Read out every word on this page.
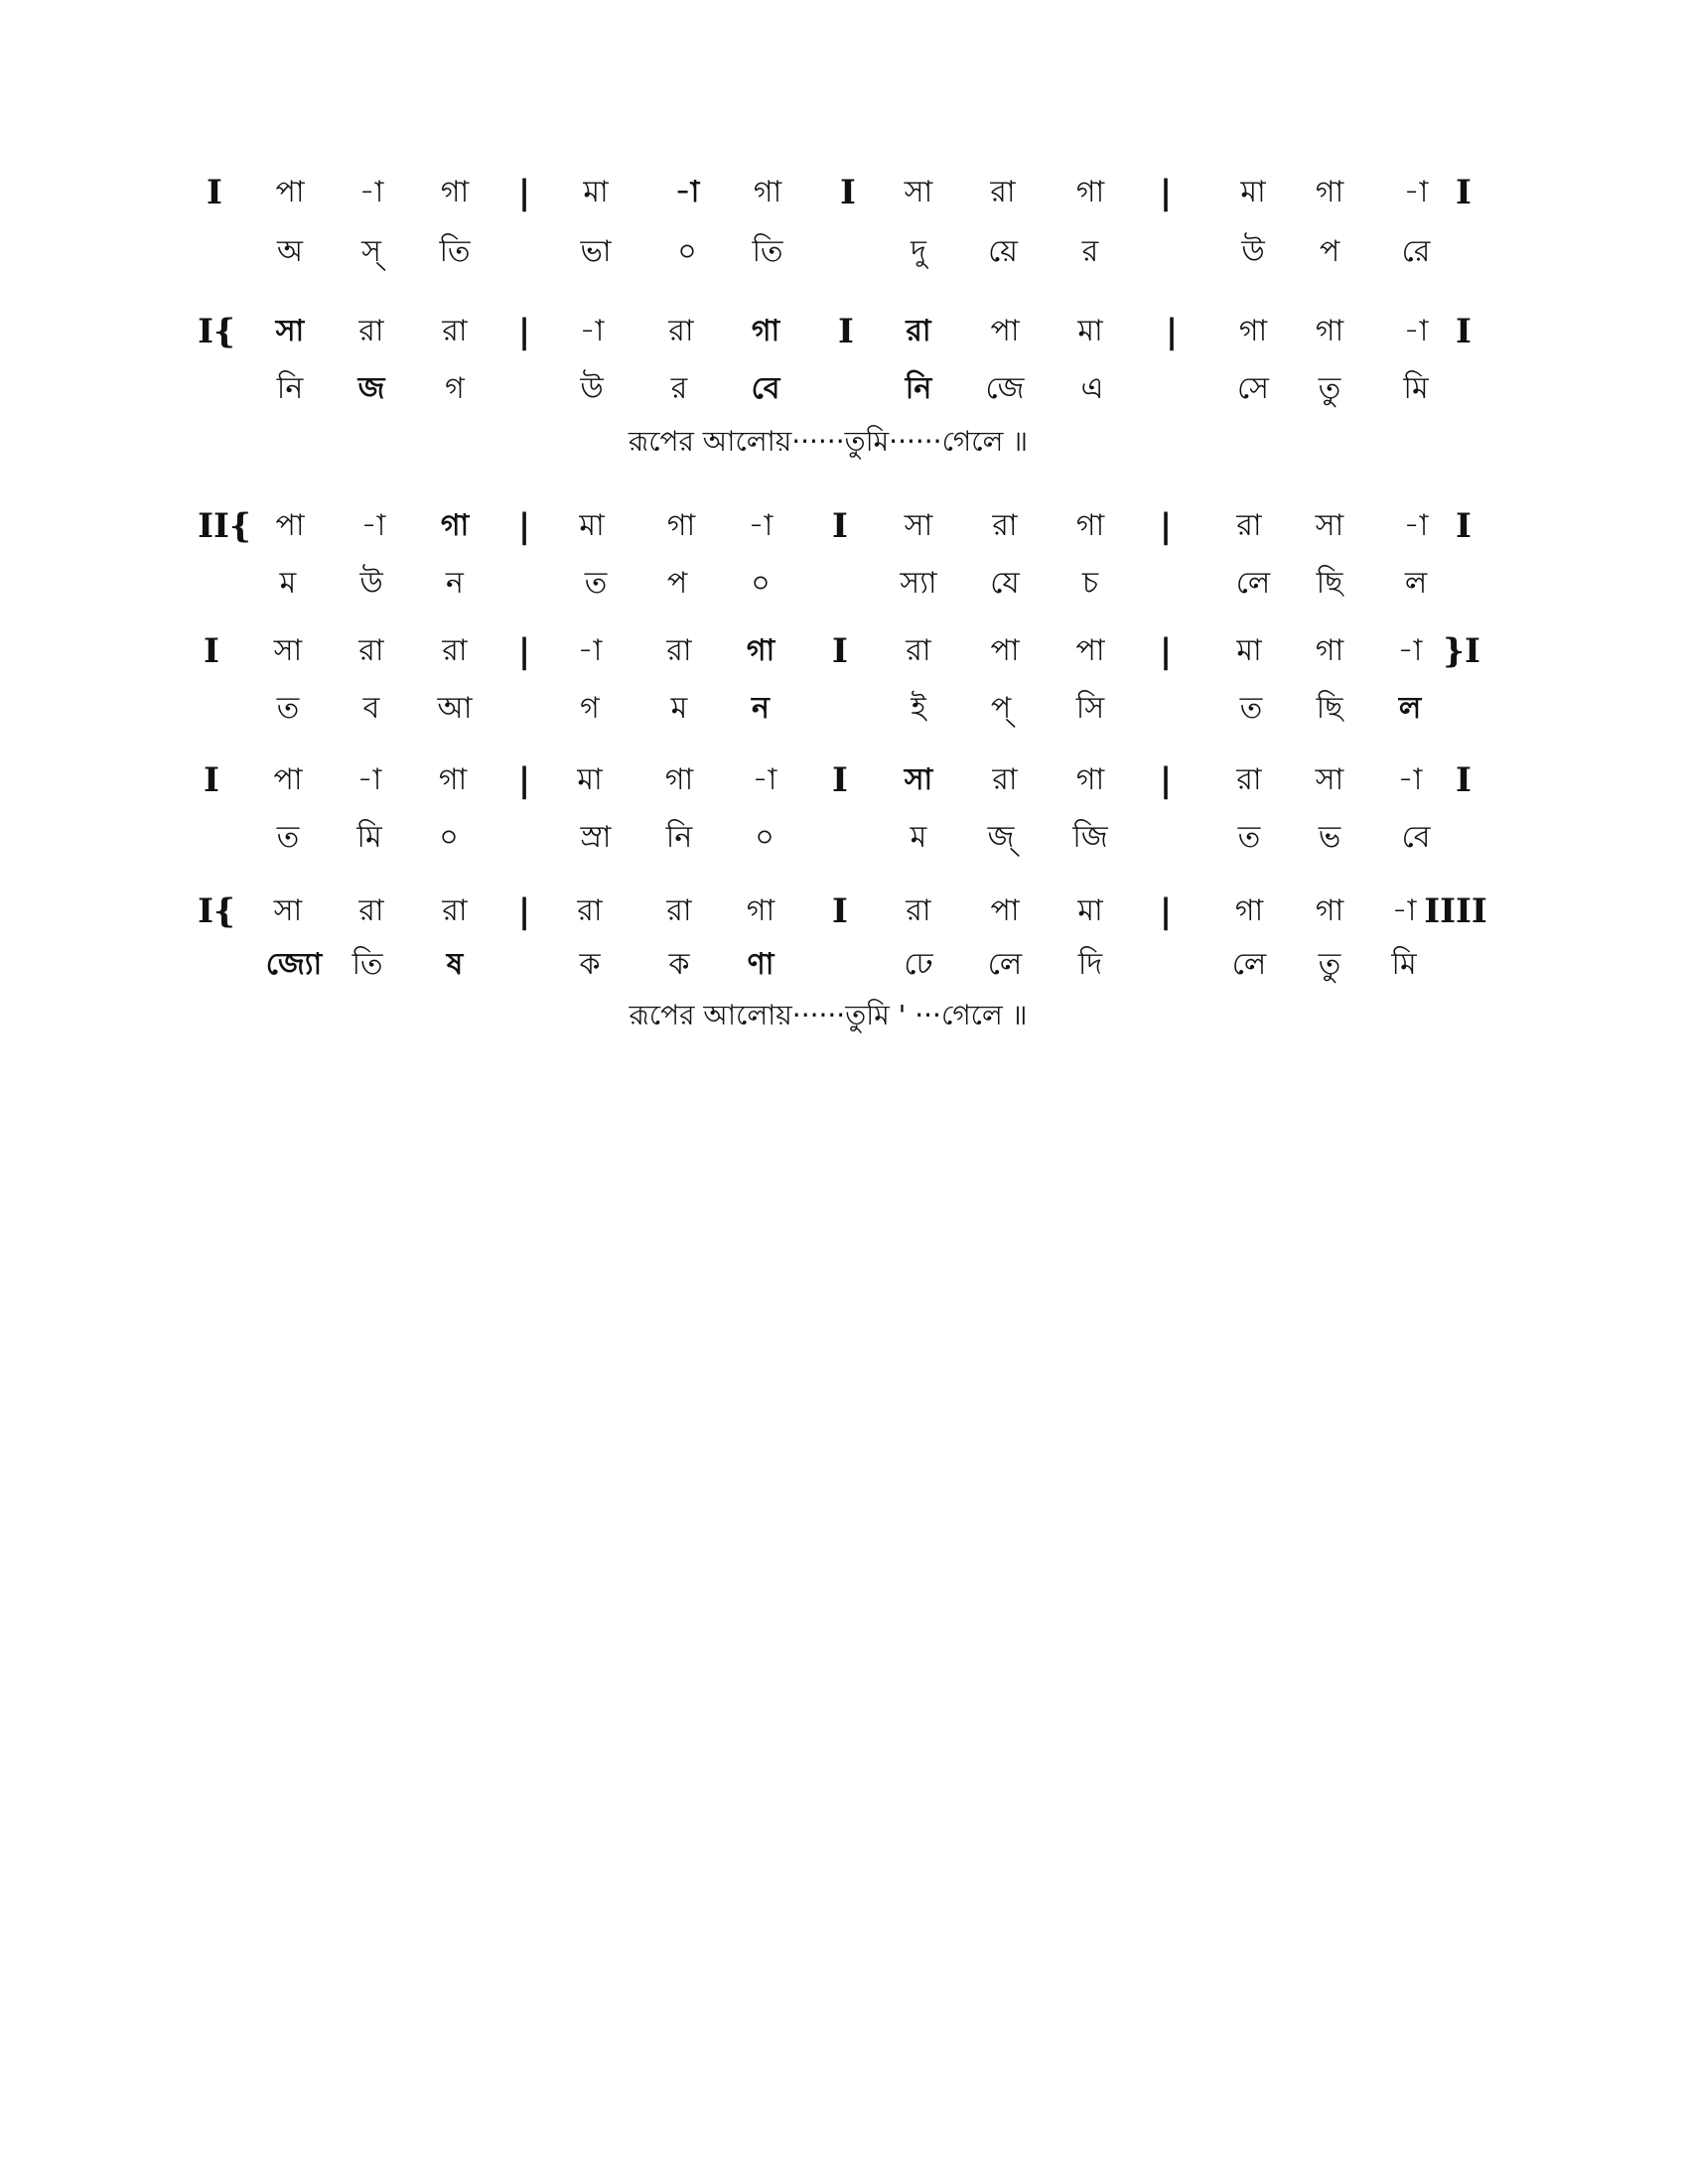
I পা -া গা | মা -া গা I সা রা গা | মা গা -া I
অ স্ তি	ভা ০ তি	দু য়ে র	উ প রে
I{ সা রা রা | -া রা গা I রা পা মা | গা গা -া I
নি জ গ	উ র বে	নি জে এ	সে তু মি
রূপের আলোয়······তুমি······গেলে ॥
II{ পা -া গা | মা গা -া I সা রা গা | রা সা -া I
ম উ ন	ত প ০	স্যা যে চ	লে ছি ল
I সা রা রা | -া রা গা I রা পা পা | মা গা -া }I
ত ব আ	গ ম ন	ই প্ সি	ত ছি ল
I পা -া গা | মা গা -া I সা রা গা | রা সা -া I
ত মি ০	স্রা নি ০	ম জ্ জি	ত ভ বে
I{ সা রা রা | রা রা গা I রা পা মা | গা গা -া IIII
জ্যো তি ষ	ক ক ণা	ঢে লে দি	লে তু মি
রূপের আলোয়······তুমি ' ···গেলে ॥
